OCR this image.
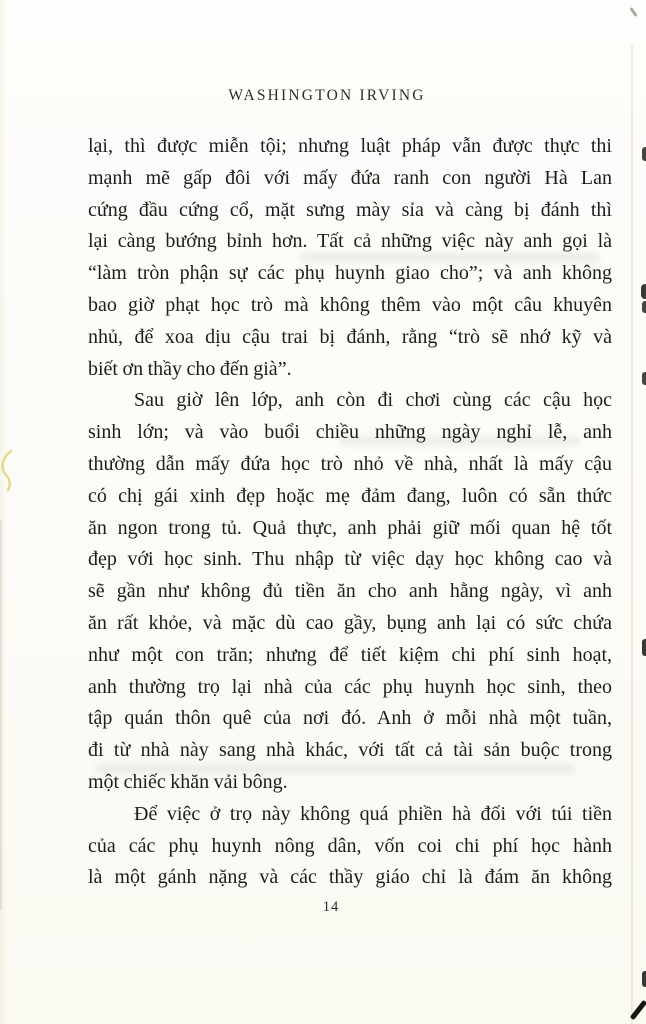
WASHINGTON IRVING
lại, thì được miễn tội; nhưng luật pháp vẫn được thực thi
mạnh mẽ gấp đôi với mấy đứa ranh con người Hà Lan
cứng đầu cứng cổ, mặt sưng mày sỉa và càng bị đánh thì
lại càng bướng bỉnh hơn. Tất cả những việc này anh gọi là
“làm tròn phận sự các phụ huynh giao cho”; và anh không
bao giờ phạt học trò mà không thêm vào một câu khuyên
nhủ, để xoa dịu cậu trai bị đánh, rằng “trò sẽ nhớ kỹ và
biết ơn thầy cho đến già”.
Sau giờ lên lớp, anh còn đi chơi cùng các cậu học
sinh lớn; và vào buổi chiều những ngày nghỉ lễ, anh
thường dẫn mấy đứa học trò nhỏ về nhà, nhất là mấy cậu
có chị gái xinh đẹp hoặc mẹ đảm đang, luôn có sẵn thức
ăn ngon trong tủ. Quả thực, anh phải giữ mối quan hệ tốt
đẹp với học sinh. Thu nhập từ việc dạy học không cao và
sẽ gần như không đủ tiền ăn cho anh hằng ngày, vì anh
ăn rất khỏe, và mặc dù cao gầy, bụng anh lại có sức chứa
như một con trăn; nhưng để tiết kiệm chi phí sinh hoạt,
anh thường trọ lại nhà của các phụ huynh học sinh, theo
tập quán thôn quê của nơi đó. Anh ở mỗi nhà một tuần,
đi từ nhà này sang nhà khác, với tất cả tài sản buộc trong
một chiếc khăn vải bông.
Để việc ở trọ này không quá phiền hà đối với túi tiền
của các phụ huynh nông dân, vốn coi chi phí học hành
là một gánh nặng và các thầy giáo chỉ là đám ăn không
14
